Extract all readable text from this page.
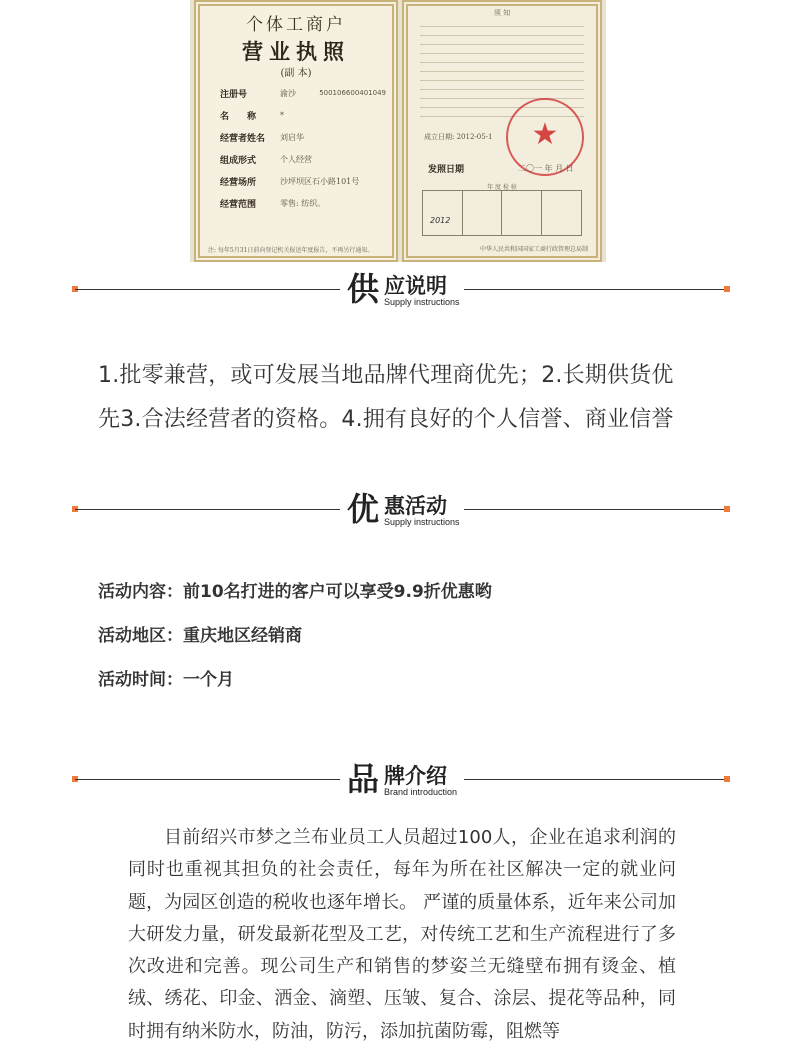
个体工商户
营业执照
(副 本)
注册号	渝沙	500106600401049
名　　称	*
经营者姓名	刘启华
组成形式	个人经营
经营场所	沙坪坝区石小路101号
经营范围	零售: 纺织。
注: 每年5月31日前向登记机关报送年度报告，不再另行通知。
须 知
成立日期: 2012-05-1	★
发照日期	二〇一 年 月 日
年 度 检 验
2012
中华人民共和国国家工商行政管理总局制
供 应说明
Supply instructions
1.批零兼营，或可发展当地品牌代理商优先；2.长期供货优
先3.合法经营者的资格。4.拥有良好的个人信誉、商业信誉
优 惠活动
Supply instructions
活动内容：前10名打进的客户可以享受9.9折优惠哟
活动地区：重庆地区经销商
活动时间：一个月
品 牌介绍
Brand introduction
目前绍兴市梦之兰布业员工人员超过100人，企业在追求利润的同时也重视其担负的社会责任，每年为所在社区解决一定的就业问题，为园区创造的税收也逐年增长。 严谨的质量体系，近年来公司加大研发力量，研发最新花型及工艺，对传统工艺和生产流程进行了多次改进和完善。现公司生产和销售的梦姿兰无缝壁布拥有烫金、植绒、绣花、印金、洒金、滴塑、压皱、复合、涂层、提花等品种，同时拥有纳米防水，防油，防污，添加抗菌防霉，阻燃等
